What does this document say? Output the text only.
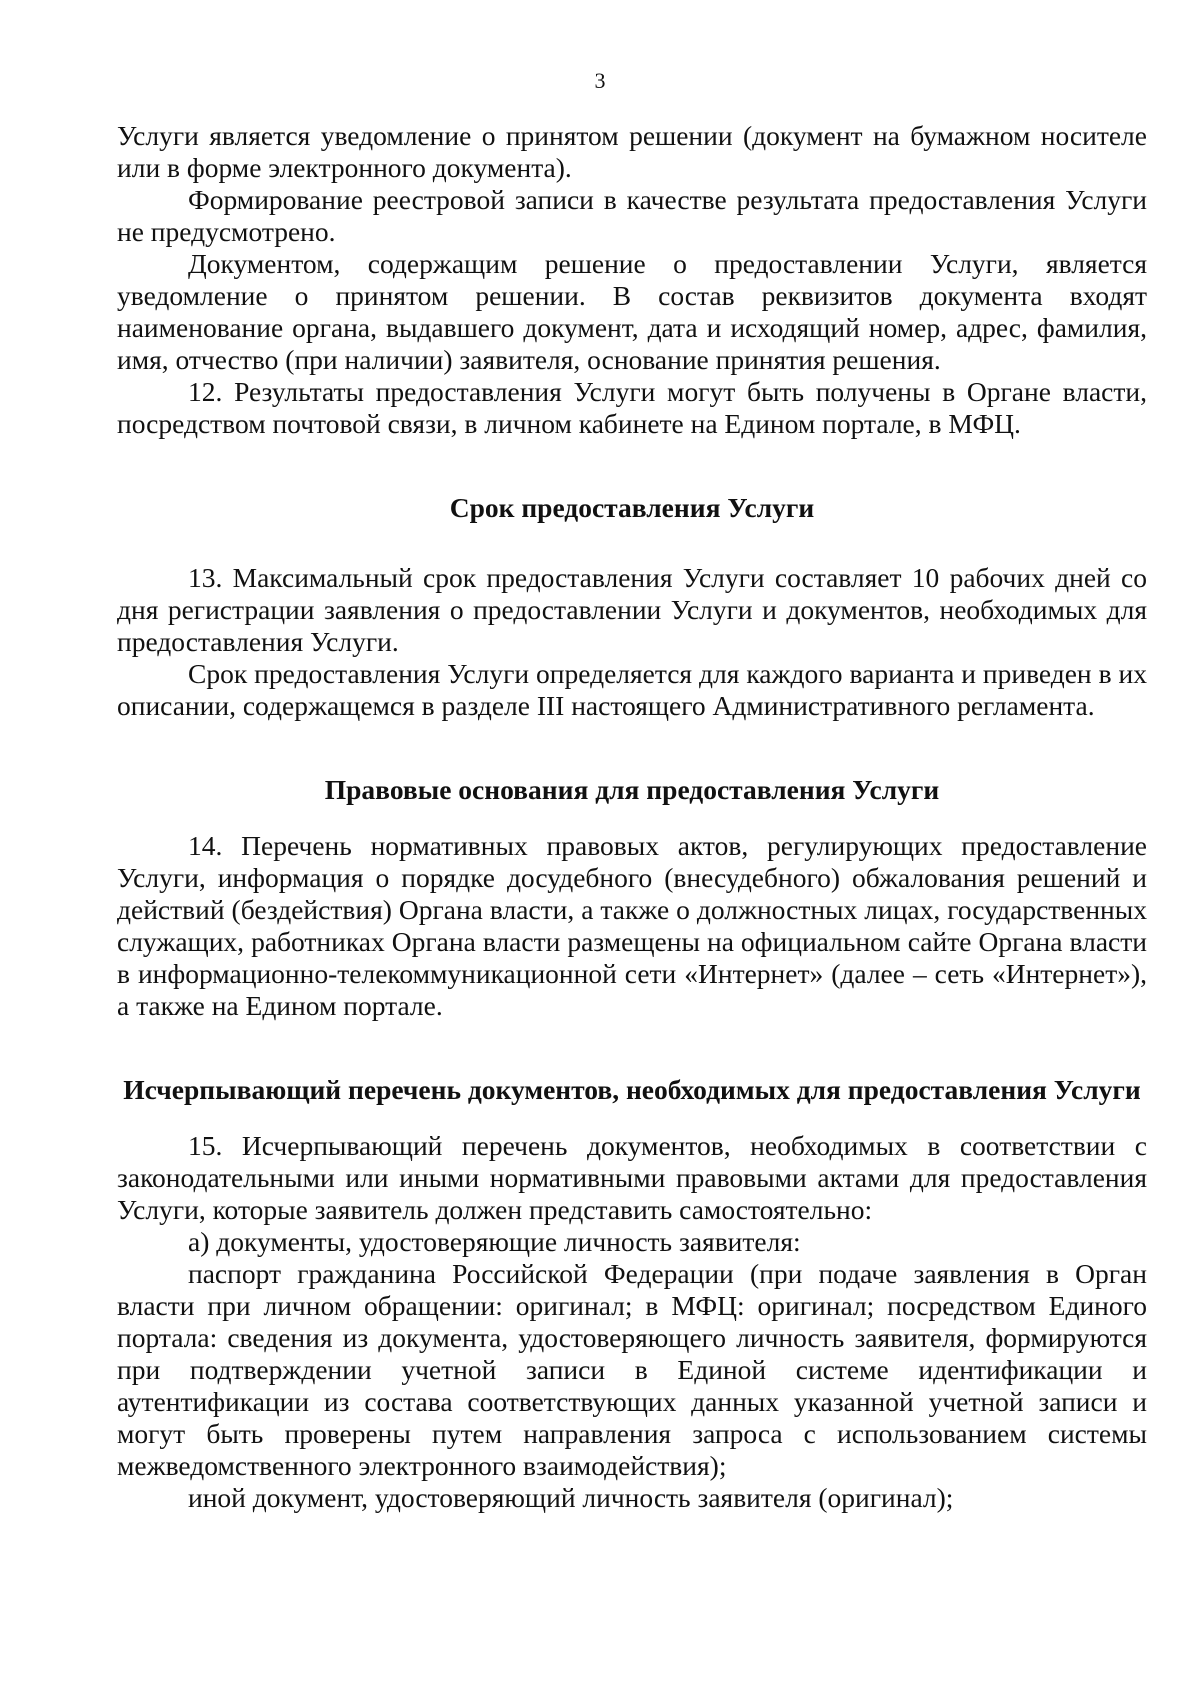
3

Услуги является уведомление о принятом решении (документ на бумажном носителе или в форме электронного документа).

Формирование реестровой записи в качестве результата предоставления Услуги не предусмотрено.

Документом, содержащим решение о предоставлении Услуги, является уведомление о принятом решении. В состав реквизитов документа входят наименование органа, выдавшего документ, дата и исходящий номер, адрес, фамилия, имя, отчество (при наличии) заявителя, основание принятия решения.

12. Результаты предоставления Услуги могут быть получены в Органе власти, посредством почтовой связи, в личном кабинете на Едином портале, в МФЦ.

Срок предоставления Услуги

13. Максимальный срок предоставления Услуги составляет 10 рабочих дней со дня регистрации заявления о предоставлении Услуги и документов, необходимых для предоставления Услуги.

Срок предоставления Услуги определяется для каждого варианта и приведен в их описании, содержащемся в разделе III настоящего Административного регламента.

Правовые основания для предоставления Услуги

14. Перечень нормативных правовых актов, регулирующих предоставление Услуги, информация о порядке досудебного (внесудебного) обжалования решений и действий (бездействия) Органа власти, а также о должностных лицах, государственных служащих, работниках Органа власти размещены на официальном сайте Органа власти в информационно-телекоммуникационной сети «Интернет» (далее – сеть «Интернет»), а также на Едином портале.

Исчерпывающий перечень документов, необходимых для предоставления Услуги

15. Исчерпывающий перечень документов, необходимых в соответствии с законодательными или иными нормативными правовыми актами для предоставления Услуги, которые заявитель должен представить самостоятельно:

а) документы, удостоверяющие личность заявителя:

паспорт гражданина Российской Федерации (при подаче заявления в Орган власти при личном обращении: оригинал; в МФЦ: оригинал; посредством Единого портала: сведения из документа, удостоверяющего личность заявителя, формируются при подтверждении учетной записи в Единой системе идентификации и аутентификации из состава соответствующих данных указанной учетной записи и могут быть проверены путем направления запроса с использованием системы межведомственного электронного взаимодействия);

иной документ, удостоверяющий личность заявителя (оригинал);
